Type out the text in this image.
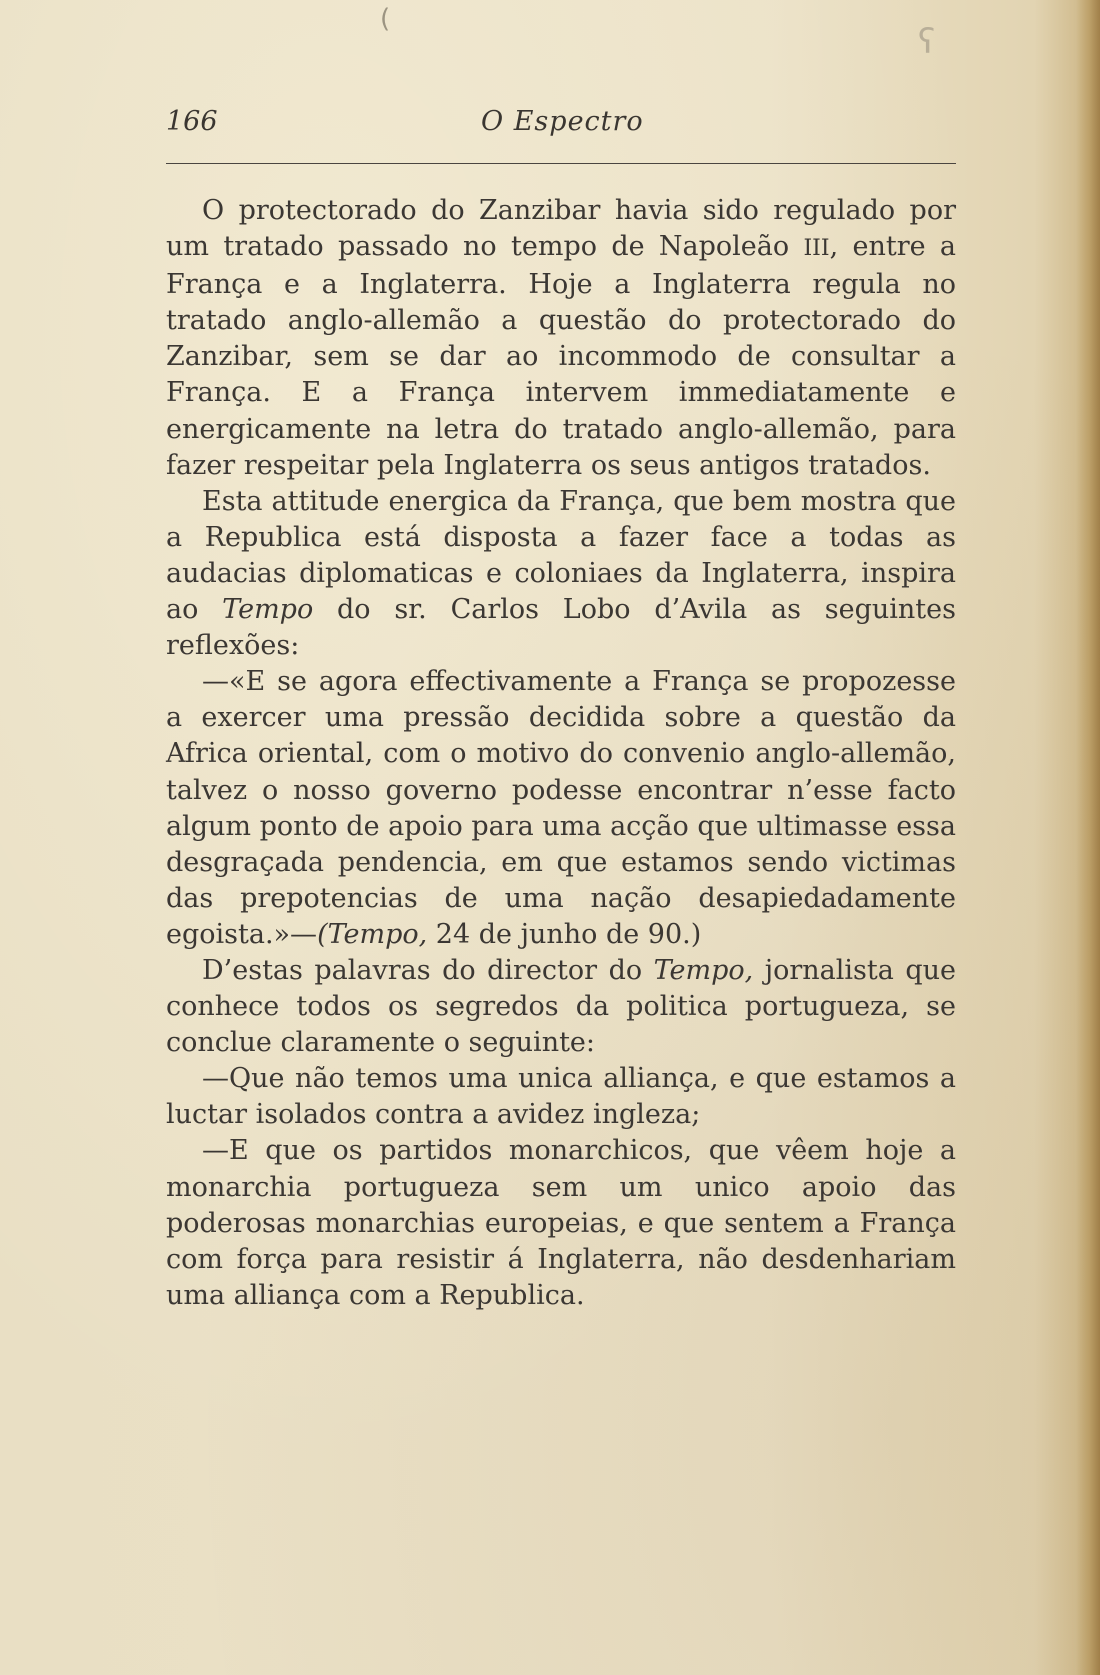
(
ʕ
166	O Espectro

O protectorado do Zanzibar havia sido regulado por um tratado passado no tempo de Napoleão III, entre a França e a Inglaterra. Hoje a Inglaterra regula no tratado anglo-allemão a questão do protectorado do Zanzibar, sem se dar ao incommodo de consultar a França. E a França intervem immediatamente e energicamente na letra do tratado anglo-allemão, para fazer respeitar pela Inglaterra os seus antigos tratados.

Esta attitude energica da França, que bem mostra que a Republica está disposta a fazer face a todas as audacias diplomaticas e coloniaes da Inglaterra, inspira ao Tempo do sr. Carlos Lobo d’Avila as seguintes reflexões:

—«E se agora effectivamente a França se propozesse a exercer uma pressão decidida sobre a questão da Africa oriental, com o motivo do convenio anglo-allemão, talvez o nosso governo podesse encontrar n’esse facto algum ponto de apoio para uma acção que ultimasse essa desgraçada pendencia, em que estamos sendo victimas das prepotencias de uma nação desapiedadamente egoista.»—(Tempo, 24 de junho de 90.)

D’estas palavras do director do Tempo, jornalista que conhece todos os segredos da politica portugueza, se conclue claramente o seguinte:

—Que não temos uma unica alliança, e que estamos a luctar isolados contra a avidez ingleza;

—E que os partidos monarchicos, que vêem hoje a monarchia portugueza sem um unico apoio das poderosas monarchias europeias, e que sentem a França com força para resistir á Inglaterra, não desdenhariam uma alliança com a Republica.
